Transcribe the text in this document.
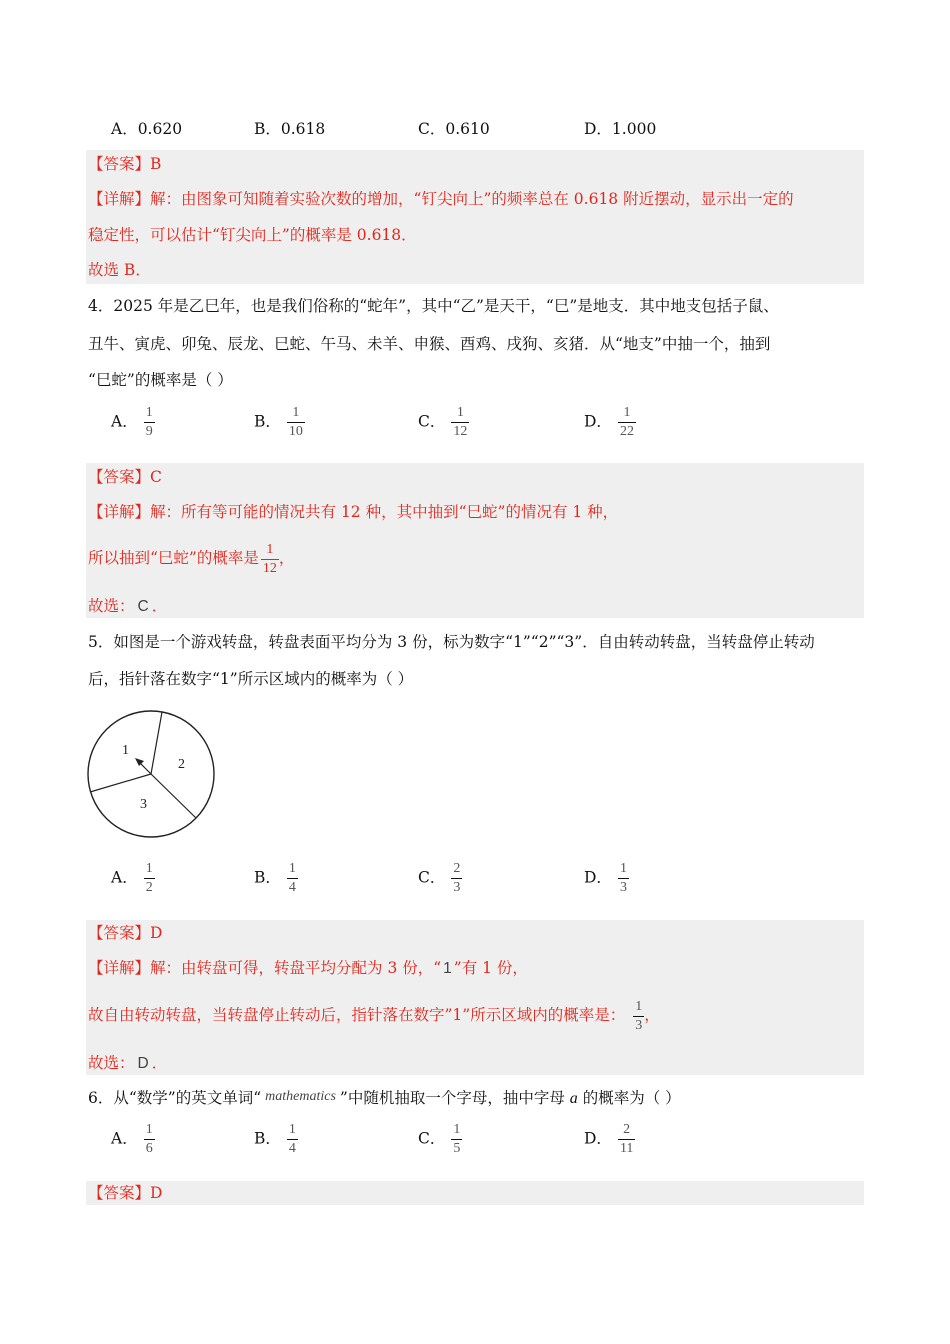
A．0.620	B．0.618	C．0.610	D．1.000
【答案】B
【详解】解：由图象可知随着实验次数的增加，“钉尖向上”的频率总在 0.618 附近摆动，显示出一定的
稳定性，可以估计“钉尖向上”的概率是 0.618．
故选 B．
4．2025 年是乙巳年，也是我们俗称的“蛇年”，其中“乙”是天干，“巳”是地支．其中地支包括子鼠、
丑牛、寅虎、卯兔、辰龙、巳蛇、午马、未羊、申猴、酉鸡、戌狗、亥猪．从“地支”中抽一个，抽到
“巳蛇”的概率是（ ）
A． $\frac{1}{9}$	B． $\frac{1}{10}$	C． $\frac{1}{12}$	D． $\frac{1}{22}$
【答案】C
【详解】解：所有等可能的情况共有 12 种，其中抽到“巳蛇”的情况有 1 种，
所以抽到“巳蛇”的概率是 $\frac{1}{12}$ ，
故选： C ．
5．如图是一个游戏转盘，转盘表面平均分为 3 份，标为数字“1”“2”“3”．自由转动转盘，当转盘停止转动
后，指针落在数字“1”所示区域内的概率为（ ）
1
2
3
A． $\frac{1}{2}$	B． $\frac{1}{4}$	C． $\frac{2}{3}$	D． $\frac{1}{3}$
【答案】D
【详解】解：由转盘可得，转盘平均分配为 3 份，“ 1 ”有 1 份，
故自由转动转盘，当转盘停止转动后，指针落在数字”1”所示区域内的概率是： $\frac{1}{3}$ ，
故选： D ．
6．从“数学”的英文单词“ mathematics ”中随机抽取一个字母，抽中字母 a 的概率为（ ）
A． $\frac{1}{6}$	B． $\frac{1}{4}$	C． $\frac{1}{5}$	D． $\frac{2}{11}$
【答案】D
